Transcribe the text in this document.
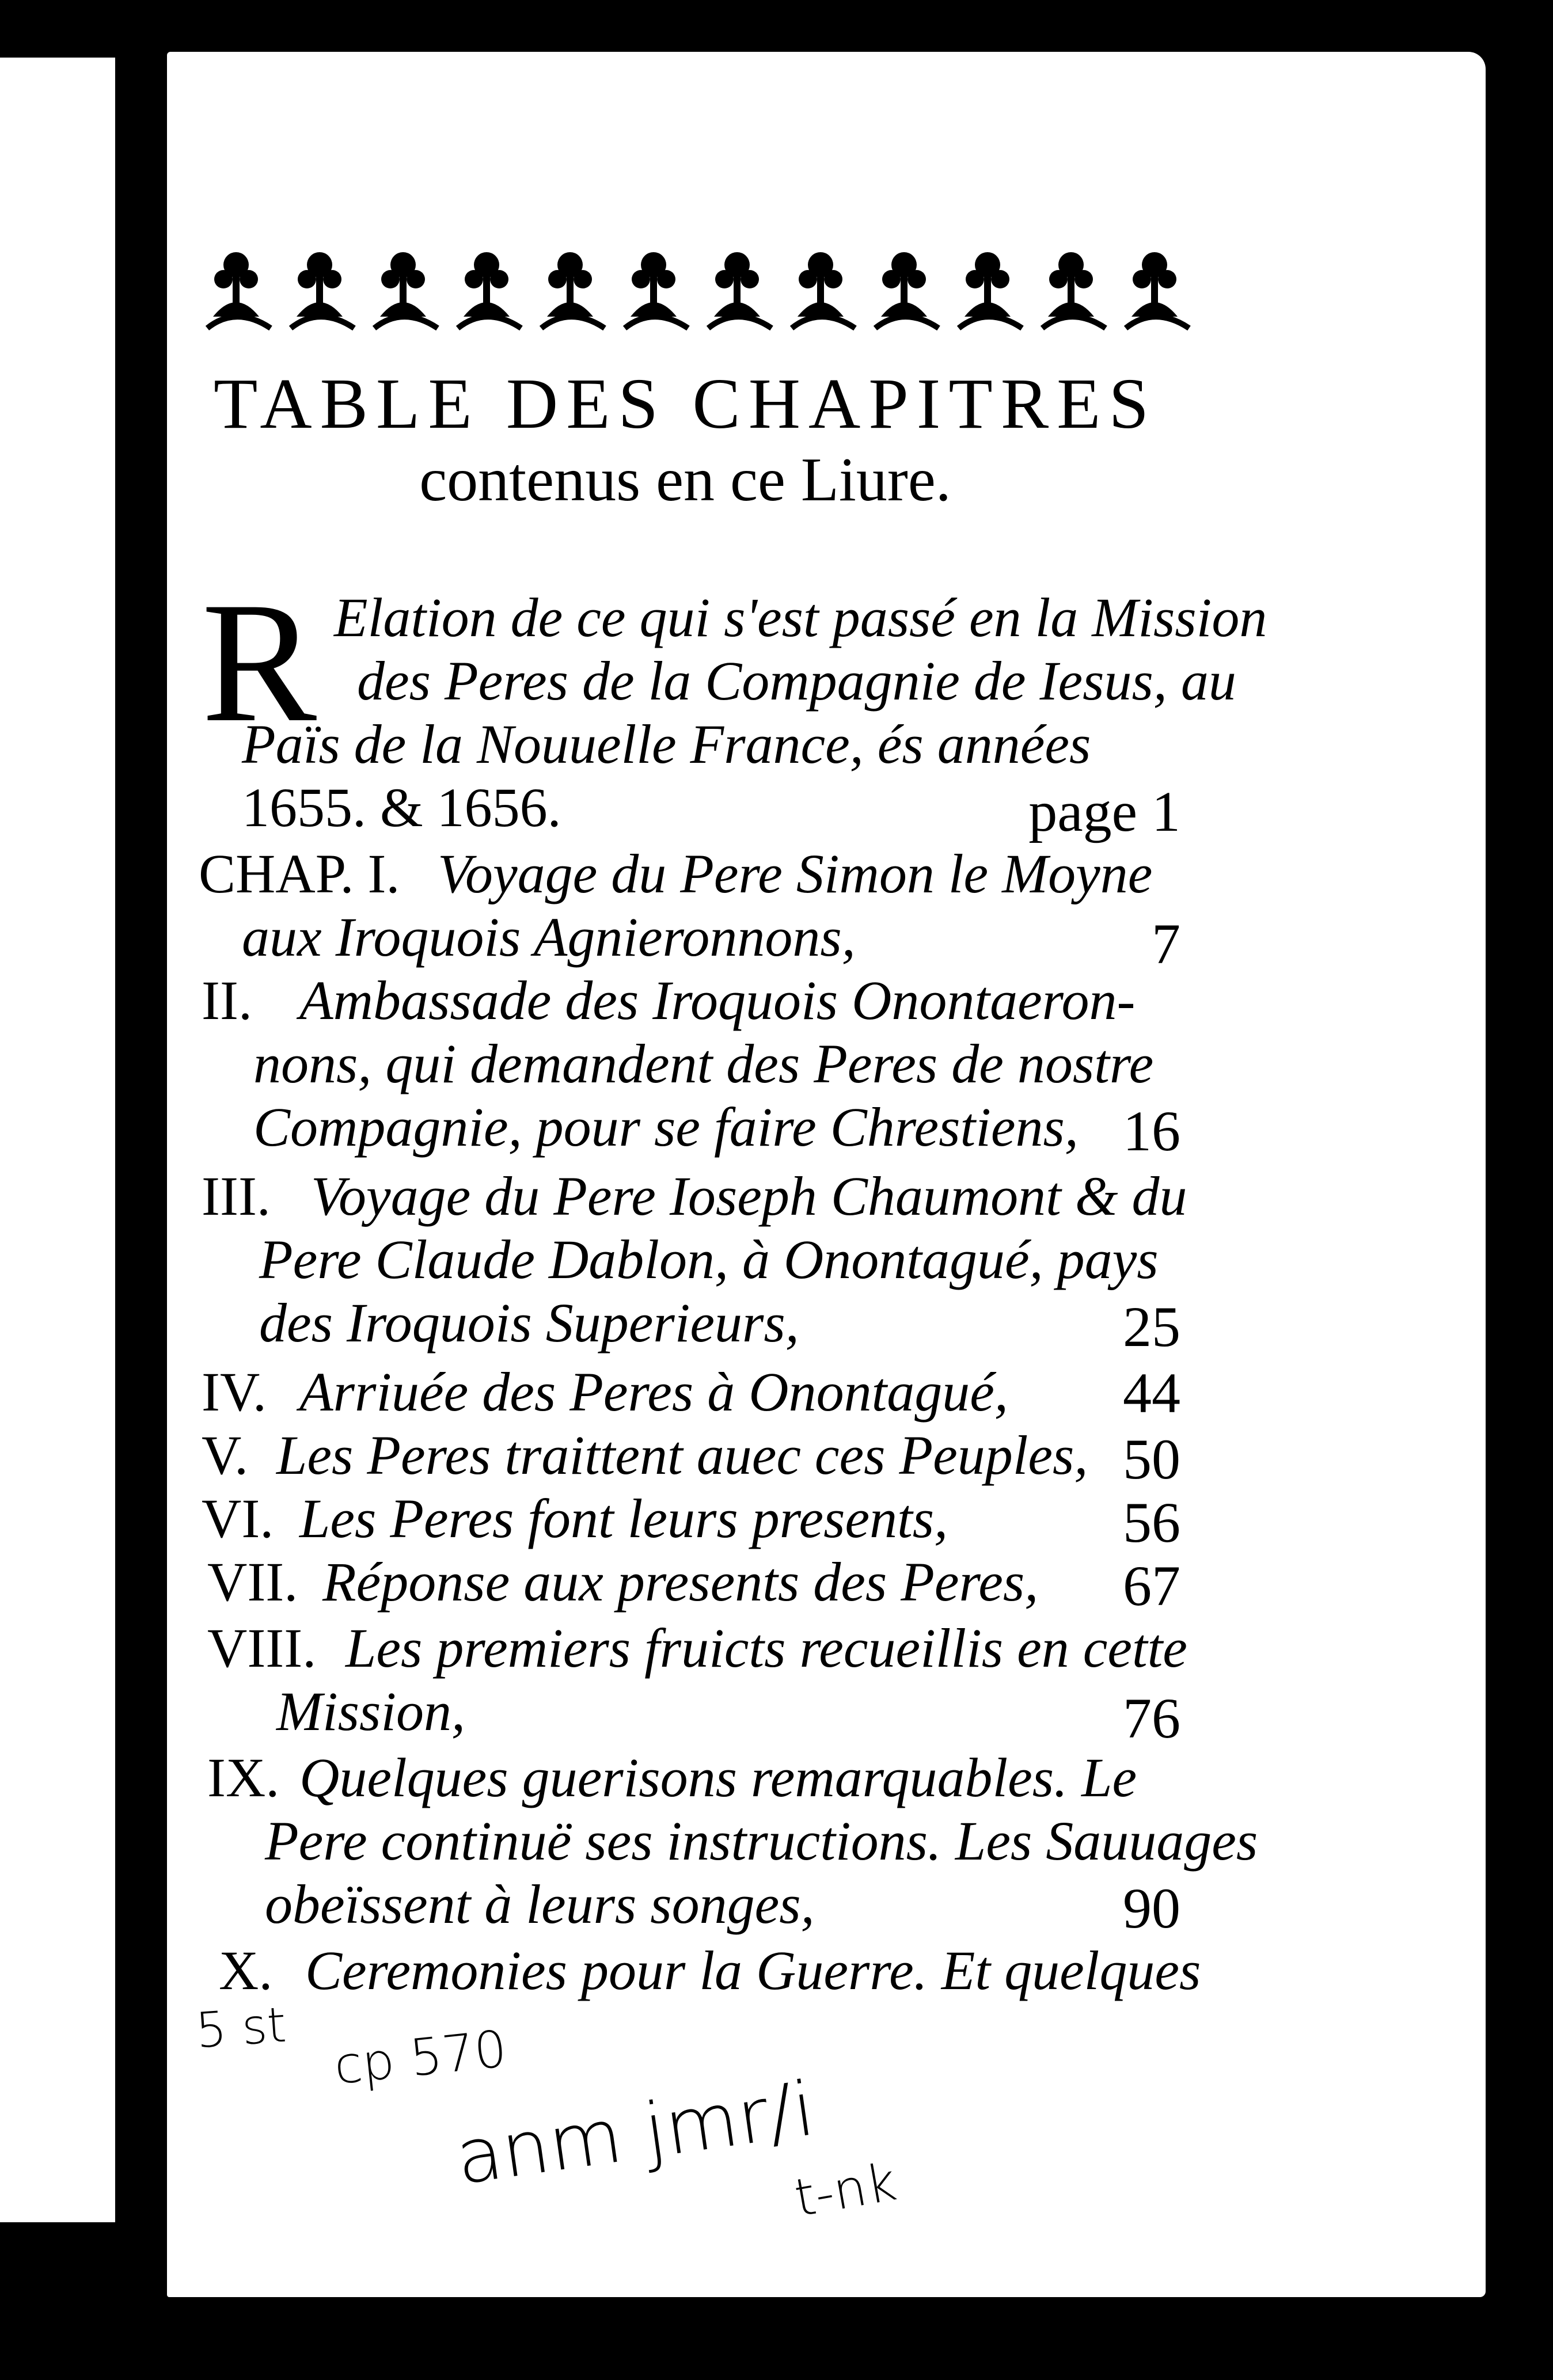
TABLE DES CHAPITRES
contenus en ce Liure.
R Elation de ce qui s'est passé en la Mission
des Peres de la Compagnie de Iesus, au
Païs de la Nouuelle France, és années
1655. & 1656.	page 1
CHAP. I. Voyage du Pere Simon le Moyne
aux Iroquois Agnieronnons,	7
II. Ambassade des Iroquois Onontaeron-
nons, qui demandent des Peres de nostre
Compagnie, pour se faire Chrestiens, 16
III. Voyage du Pere Ioseph Chaumont & du
Pere Claude Dablon, à Onontagué, pays
des Iroquois Superieurs,	25
IV. Arriuée des Peres à Onontagué,	44
V. Les Peres traittent auec ces Peuples, 50
VI. Les Peres font leurs presents,	56
VII. Réponse aux presents des Peres,	67
VIII. Les premiers fruicts recueillis en cette
Mission,	76
IX. Quelques guerisons remarquables. Le
Pere continuë ses instructions. Les Sauuages
obeïssent à leurs songes,	90
X. Ceremonies pour la Guerre. Et quelques
5 st cp 570
anm jmr/i
t-nk
